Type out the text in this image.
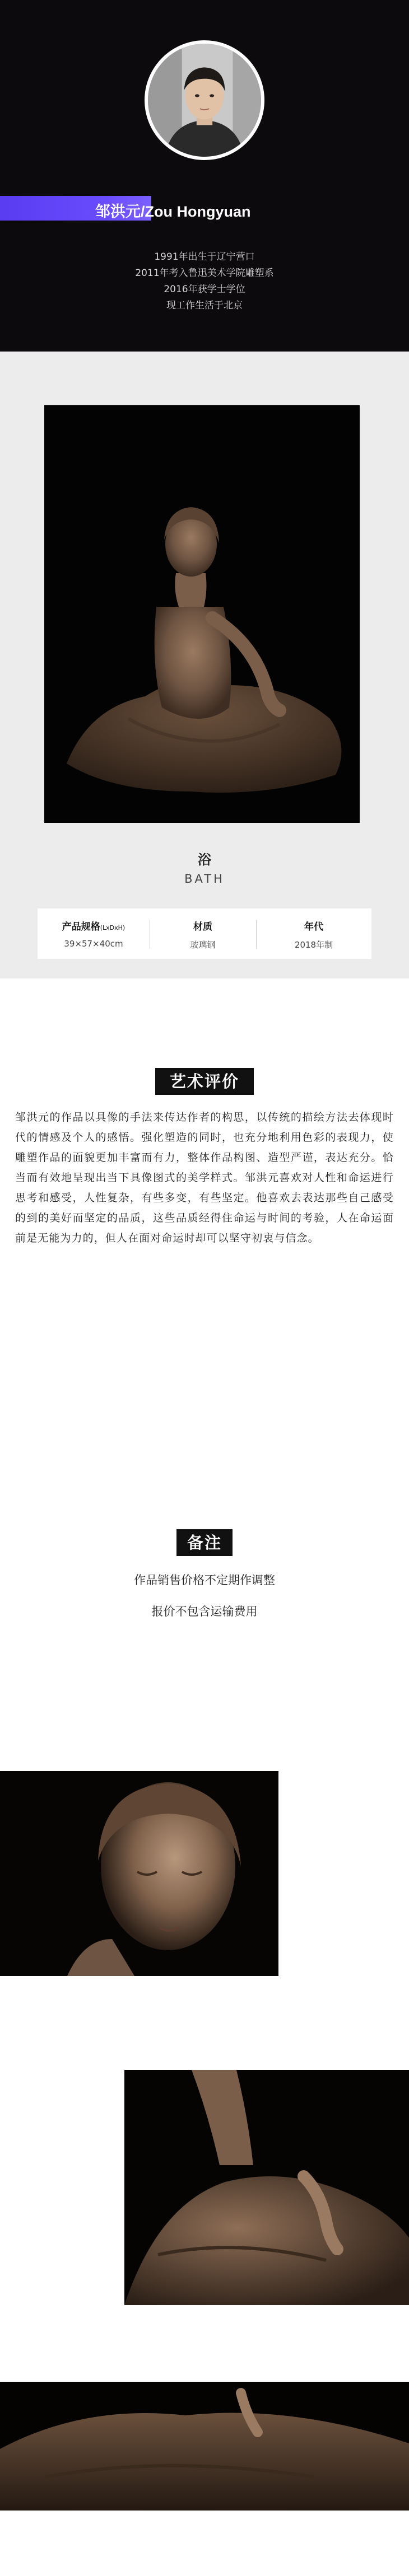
邹洪元/Zou Hongyuan
1991年出生于辽宁营口
2011年考入鲁迅美术学院雕塑系
2016年获学士学位
现工作生活于北京
浴
BATH
产品规格(LxDxH)
39×57×40cm
材质
玻璃钢
年代
2018年制
艺术评价
邹洪元的作品以具像的手法来传达作者的构思，以传统的描绘方法去体现时代的情感及个人的感悟。强化塑造的同时，也充分地利用色彩的表现力，使雕塑作品的面貌更加丰富而有力，整体作品构图、造型严谨，表达充分。恰当而有效地呈现出当下具像图式的美学样式。邹洪元喜欢对人性和命运进行思考和感受，人性复杂，有些多变，有些坚定。他喜欢去表达那些自己感受的到的美好而坚定的品质，这些品质经得住命运与时间的考验，人在命运面前是无能为力的，但人在面对命运时却可以坚守初衷与信念。
备注
作品销售价格不定期作调整
报价不包含运输费用
